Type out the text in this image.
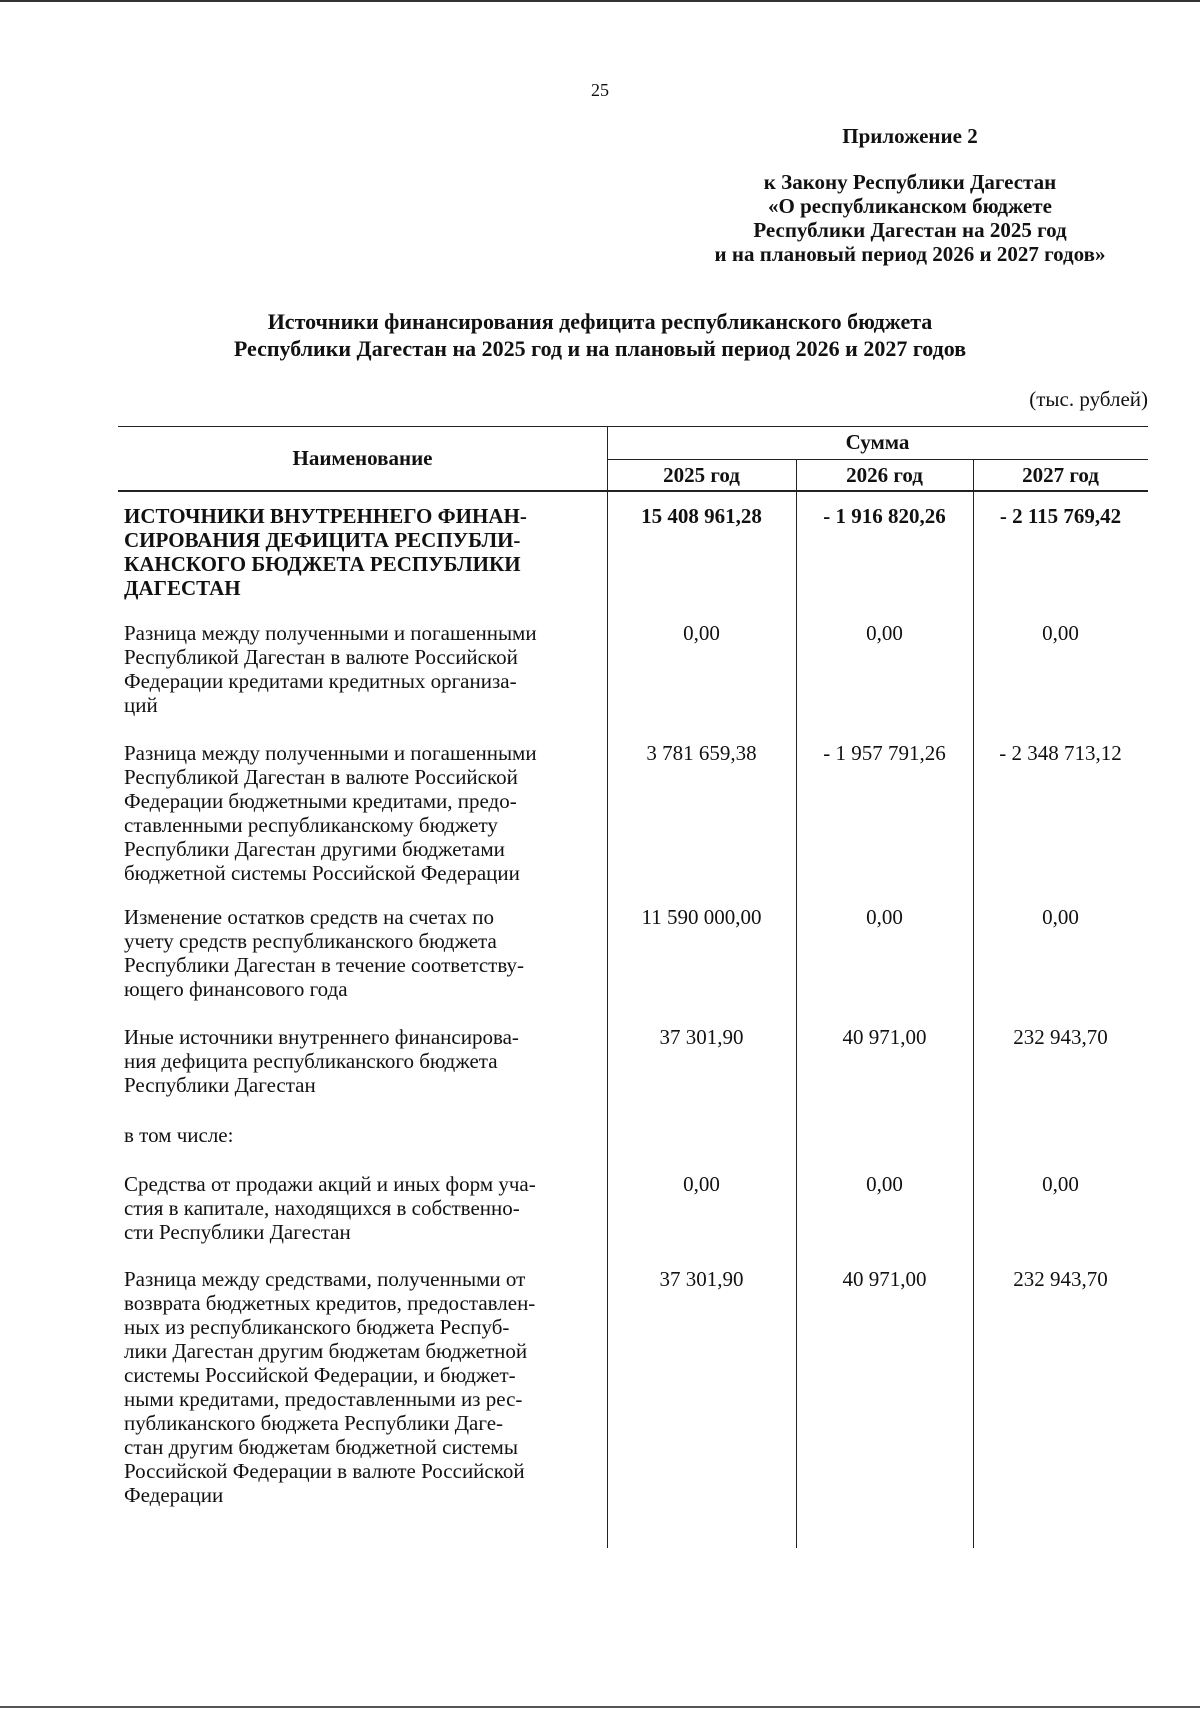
25
Приложение 2
к Закону Республики Дагестан
«О республиканском бюджете
Республики Дагестан на 2025 год
и на плановый период 2026 и 2027 годов»
Источники финансирования дефицита республиканского бюджета
Республики Дагестан на 2025 год и на плановый период 2026 и 2027 годов
(тыс. рублей)
Наименование
Сумма
2025 год	2026 год	2027 год
ИСТОЧНИКИ ВНУТРЕННЕГО ФИНАН-
СИРОВАНИЯ ДЕФИЦИТА РЕСПУБЛИ-
КАНСКОГО БЮДЖЕТА РЕСПУБЛИКИ
ДАГЕСТАН
15 408 961,28	- 1 916 820,26	- 2 115 769,42
Разница между полученными и погашенными
Республикой Дагестан в валюте Российской
Федерации кредитами кредитных организа-
ций
0,00	0,00	0,00
Разница между полученными и погашенными
Республикой Дагестан в валюте Российской
Федерации бюджетными кредитами, предо-
ставленными республиканскому бюджету
Республики Дагестан другими бюджетами
бюджетной системы Российской Федерации
3 781 659,38	- 1 957 791,26	- 2 348 713,12
Изменение остатков средств на счетах по
учету средств республиканского бюджета
Республики Дагестан в течение соответству-
ющего финансового года
11 590 000,00	0,00	0,00
Иные источники внутреннего финансирова-
ния дефицита республиканского бюджета
Республики Дагестан
37 301,90	40 971,00	232 943,70
в том числе:
Средства от продажи акций и иных форм уча-
стия в капитале, находящихся в собственно-
сти Республики Дагестан
0,00	0,00	0,00
Разница между средствами, полученными от
возврата бюджетных кредитов, предоставлен-
ных из республиканского бюджета Респуб-
лики Дагестан другим бюджетам бюджетной
системы Российской Федерации, и бюджет-
ными кредитами, предоставленными из рес-
публиканского бюджета Республики Даге-
стан другим бюджетам бюджетной системы
Российской Федерации в валюте Российской
Федерации
37 301,90	40 971,00	232 943,70
